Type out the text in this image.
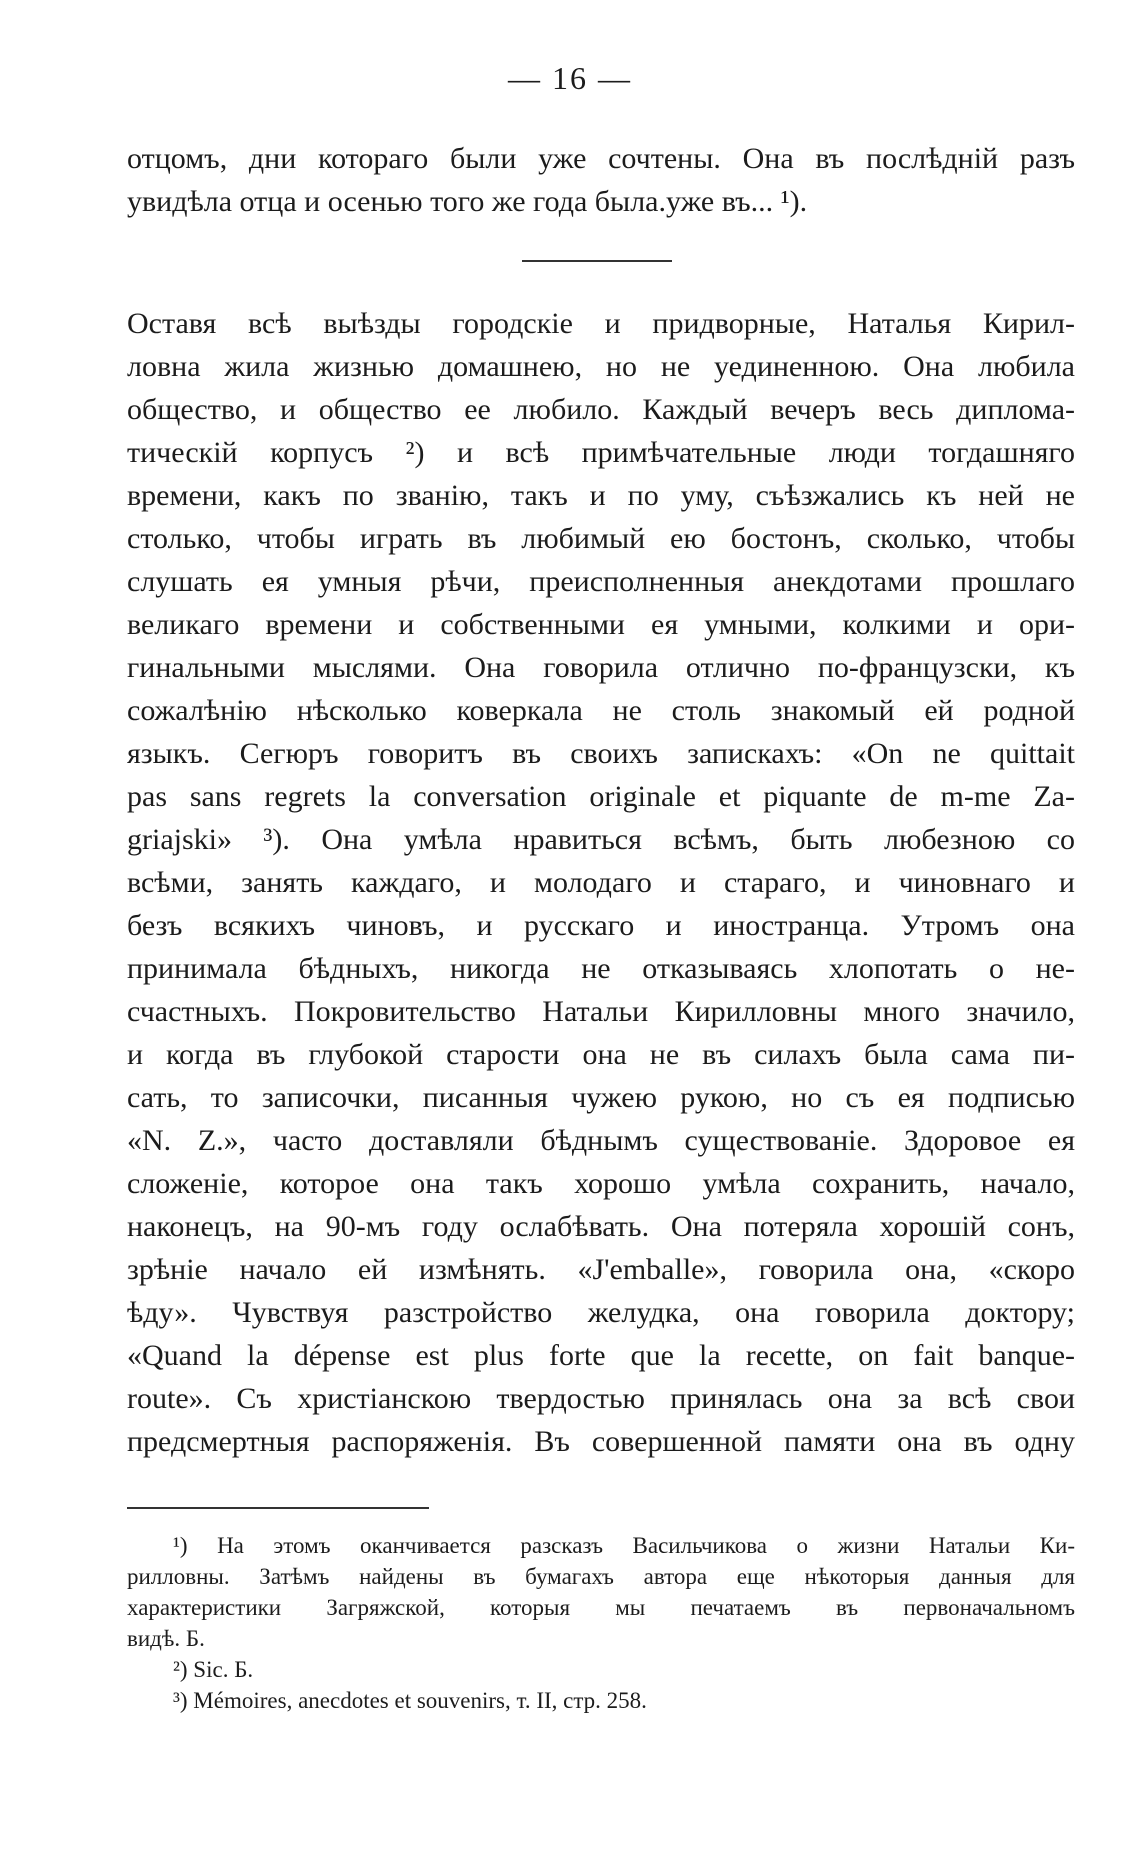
— 16 —
отцомъ, дни котораго были уже сочтены. Она въ послѣдній разъ
увидѣла отца и осенью того же года была.уже въ... ¹).
Оставя всѣ выѣзды городскіе и придворные, Наталья Кирил-
ловна жила жизнью домашнею, но не уединенною. Она любила
общество, и общество ее любило. Каждый вечеръ весь диплома-
тическій корпусъ ²) и всѣ примѣчательные люди тогдашняго
времени, какъ по званію, такъ и по уму, съѣзжались къ ней не
столько, чтобы играть въ любимый ею бостонъ, сколько, чтобы
слушать ея умныя рѣчи, преисполненныя анекдотами прошлаго
великаго времени и собственными ея умными, колкими и ори-
гинальными мыслями. Она говорила отлично по-французски, къ
сожалѣнію нѣсколько коверкала не столь знакомый ей родной
языкъ. Сегюръ говоритъ въ своихъ запискахъ: «On ne quittait
pas sans regrets la conversation originale et piquante de m-me Za-
griajski» ³). Она умѣла нравиться всѣмъ, быть любезною со
всѣми, занять каждаго, и молодаго и стараго, и чиновнаго и
безъ всякихъ чиновъ, и русскаго и иностранца. Утромъ она
принимала бѣдныхъ, никогда не отказываясь хлопотать о не-
счастныхъ. Покровительство Натальи Кирилловны много значило,
и когда въ глубокой старости она не въ силахъ была сама пи-
сать, то записочки, писанныя чужею рукою, но съ ея подписью
«N. Z.», часто доставляли бѣднымъ существованіе. Здоровое ея
сложеніе, которое она такъ хорошо умѣла сохранить, начало,
наконецъ, на 90-мъ году ослабѣвать. Она потеряла хорошій сонъ,
зрѣніе начало ей измѣнять. «J'emballe», говорила она, «скоро
ѣду». Чувствуя разстройство желудка, она говорила доктору;
«Quand la dépense est plus forte que la recette, on fait banque-
route». Съ христіанскою твердостью принялась она за всѣ свои
предсмертныя распоряженія. Въ совершенной памяти она въ одну
¹) На этомъ оканчивается разсказъ Васильчикова о жизни Натальи Ки-
рилловны. Затѣмъ найдены въ бумагахъ автора еще нѣкоторыя данныя для
характеристики Загряжской, которыя мы печатаемъ въ первоначальномъ
видѣ. Б.
²) Sic. Б.
³) Mémoires, anecdotes et souvenirs, т. II, стр. 258.
